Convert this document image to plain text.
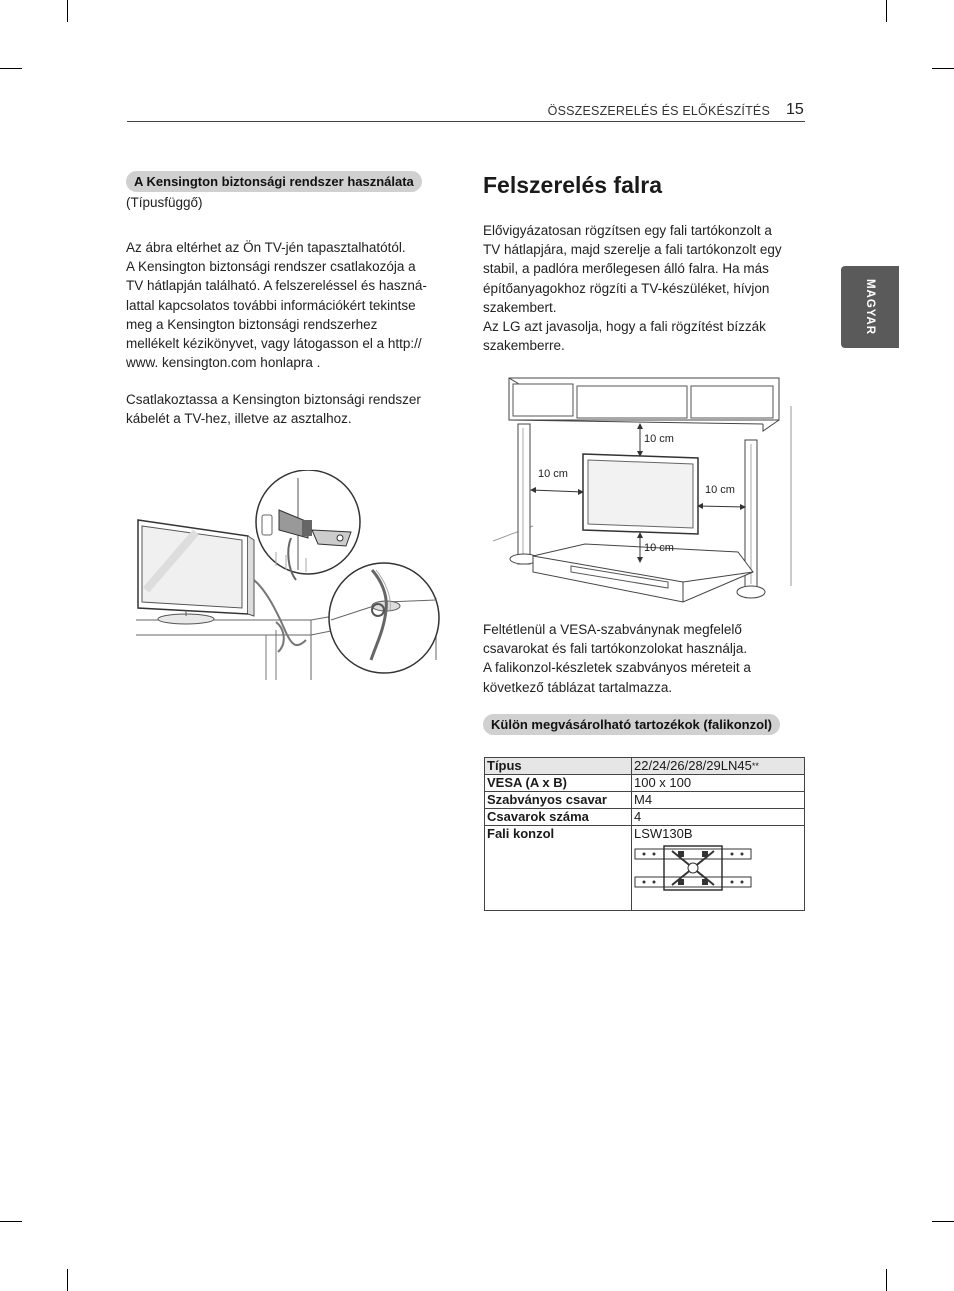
ÖSSZESZERELÉS ÉS ELŐKÉSZÍTÉS 15
MAGYAR
A Kensington biztonsági rendszer használata
(Típusfüggő)
Az ábra eltérhet az Ön TV-jén tapasztalhatótól.
A Kensington biztonsági rendszer csatlakozója a
TV hátlapján található. A felszereléssel és haszná-
lattal kapcsolatos további információkért tekintse
meg a Kensington biztonsági rendszerhez
mellékelt kézikönyvet, vagy látogasson el a http://
www. kensington.com honlapra .
Csatlakoztassa a Kensington biztonsági rendszer
kábelét a TV-hez, illetve az asztalhoz.
Felszerelés falra
Elővigyázatosan rögzítsen egy fali tartókonzolt a
TV hátlapjára, majd szerelje a fali tartókonzolt egy
stabil, a padlóra merőlegesen álló falra. Ha más
építőanyagokhoz rögzíti a TV-készüléket, hívjon
szakembert.
Az LG azt javasolja, hogy a fali rögzítést bízzák
szakemberre.
10 cm
10 cm
10 cm
10 cm
Feltétlenül a VESA-szabványnak megfelelő
csavarokat és fali tartókonzolokat használja.
A falikonzol-készletek szabványos méreteit a
következő táblázat tartalmazza.
Külön megvásárolható tartozékok (falikonzol)
Típus	22/24/26/28/29LN45**
VESA (A x B)	100 x 100
Szabványos csavar	M4
Csavarok száma	4
Fali konzol	LSW130B
